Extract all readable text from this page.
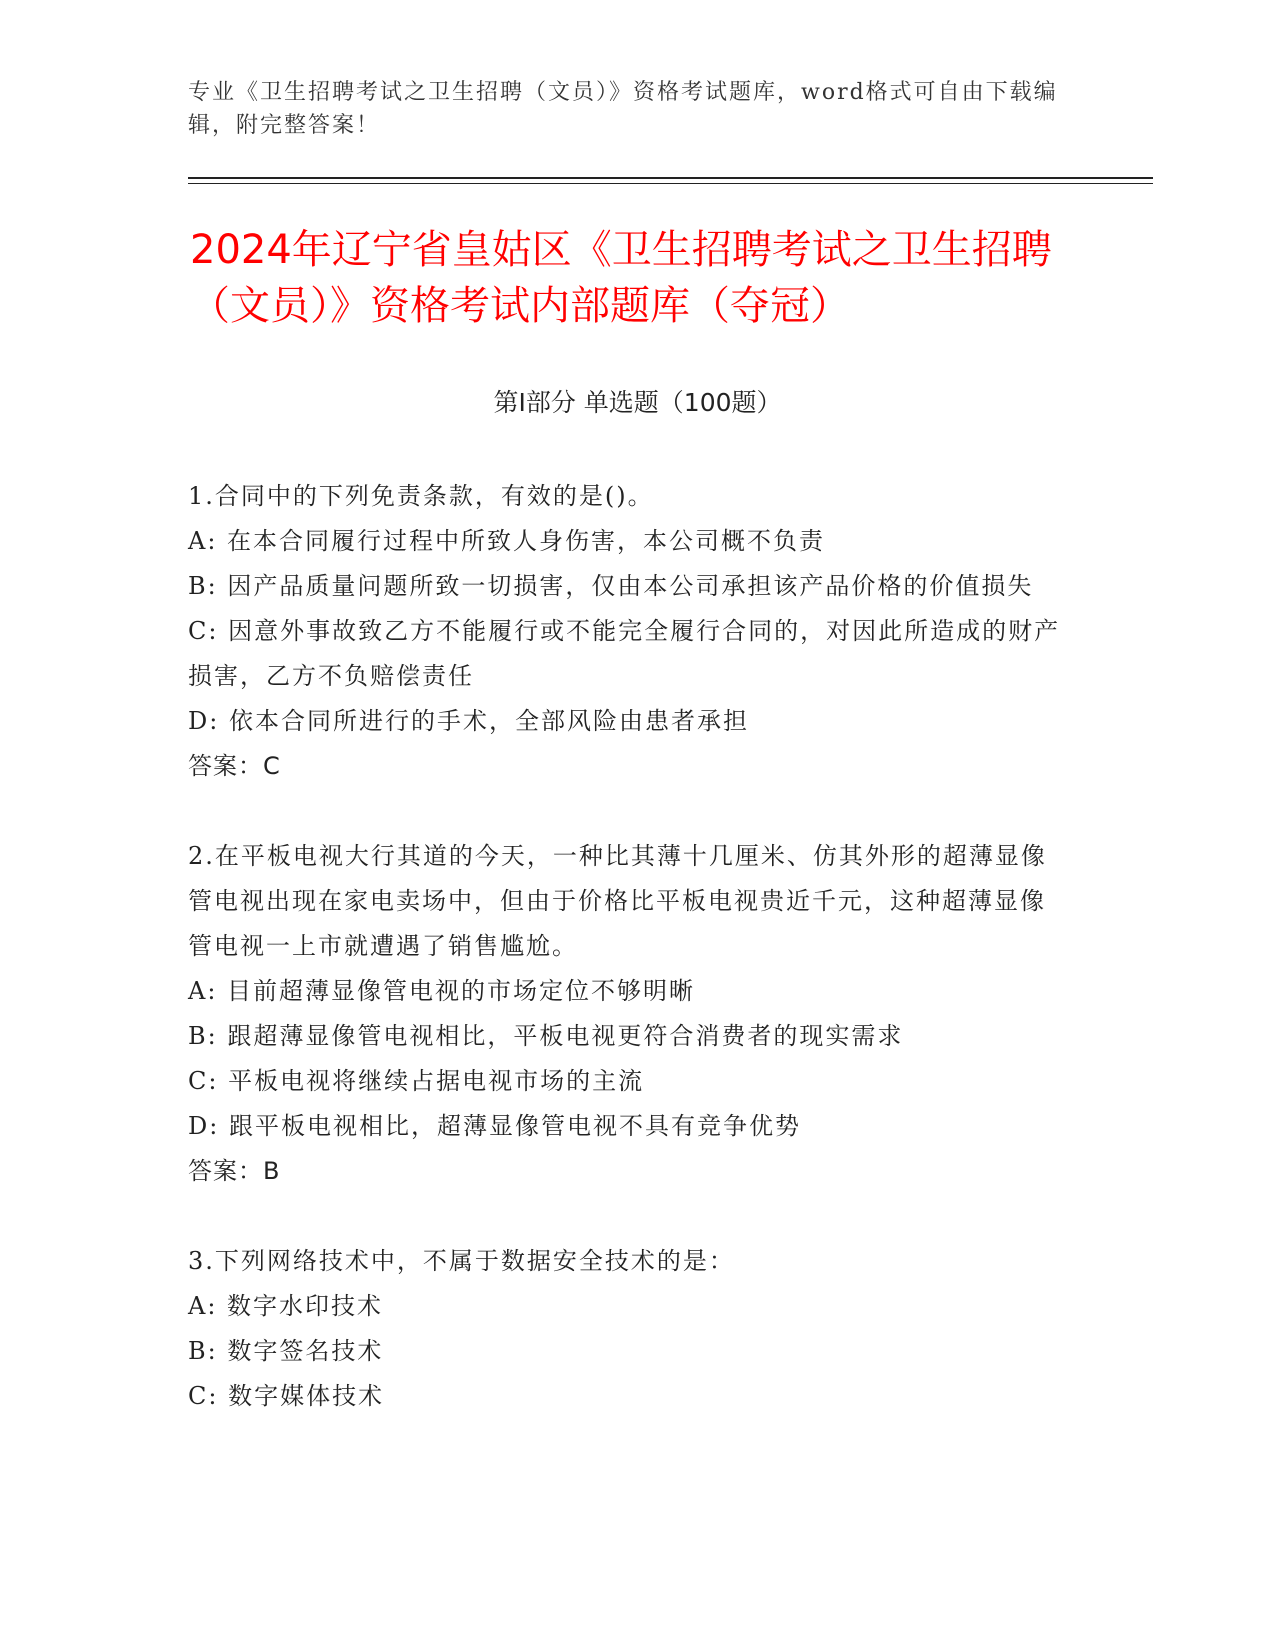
专业《卫生招聘考试之卫生招聘（文员）》资格考试题库，word格式可自由下载编辑，附完整答案！
2024年辽宁省皇姑区《卫生招聘考试之卫生招聘（文员）》资格考试内部题库（夺冠）
第I部分 单选题（100题）

1.合同中的下列免责条款，有效的是()。

A: 在本合同履行过程中所致人身伤害，本公司概不负责

B: 因产品质量问题所致一切损害，仅由本公司承担该产品价格的价值损失

C: 因意外事故致乙方不能履行或不能完全履行合同的，对因此所造成的财产损害，乙方不负赔偿责任

D: 依本合同所进行的手术，全部风险由患者承担

答案：C

2.在平板电视大行其道的今天，一种比其薄十几厘米、仿其外形的超薄显像管电视出现在家电卖场中，但由于价格比平板电视贵近千元，这种超薄显像管电视一上市就遭遇了销售尴尬。

A: 目前超薄显像管电视的市场定位不够明晰

B: 跟超薄显像管电视相比，平板电视更符合消费者的现实需求

C: 平板电视将继续占据电视市场的主流

D: 跟平板电视相比，超薄显像管电视不具有竞争优势

答案：B

3.下列网络技术中，不属于数据安全技术的是：

A: 数字水印技术

B: 数字签名技术

C: 数字媒体技术
